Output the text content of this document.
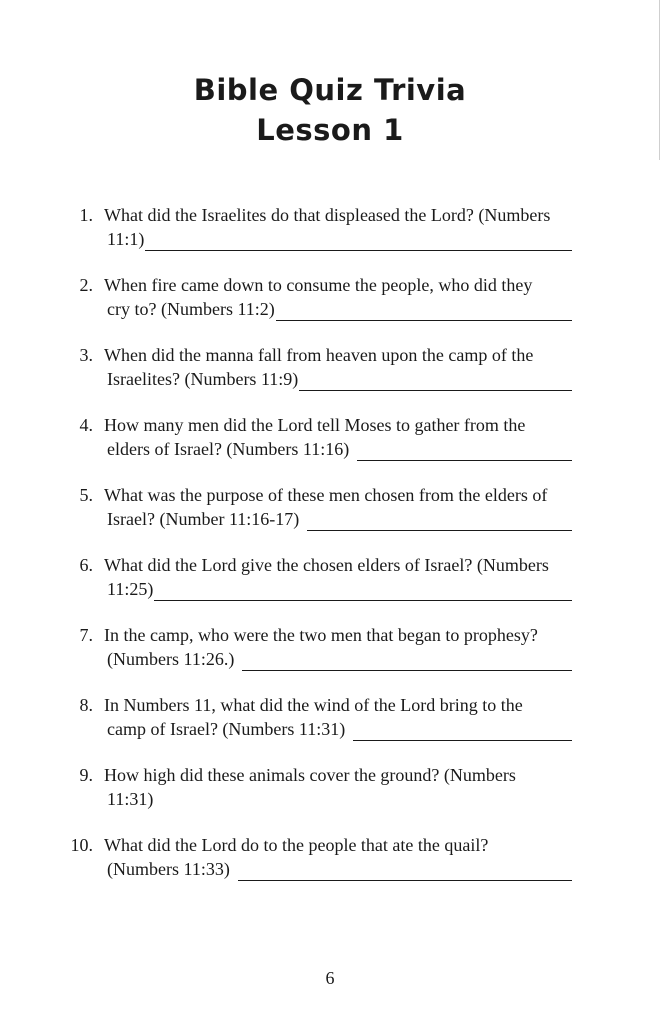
Bible Quiz Trivia
Lesson 1
1. What did the Israelites do that displeased the Lord? (Numbers
11:1)
2. When fire came down to consume the people, who did they
cry to? (Numbers 11:2)
3. When did the manna fall from heaven upon the camp of the
Israelites? (Numbers 11:9)
4. How many men did the Lord tell Moses to gather from the
elders of Israel? (Numbers 11:16)
5. What was the purpose of these men chosen from the elders of
Israel? (Number 11:16-17)
6. What did the Lord give the chosen elders of Israel? (Numbers
11:25)
7. In the camp, who were the two men that began to prophesy?
(Numbers 11:26.)
8. In Numbers 11, what did the wind of the Lord bring to the
camp of Israel? (Numbers 11:31)
9. How high did these animals cover the ground? (Numbers
11:31)
10. What did the Lord do to the people that ate the quail?
(Numbers 11:33)
6
